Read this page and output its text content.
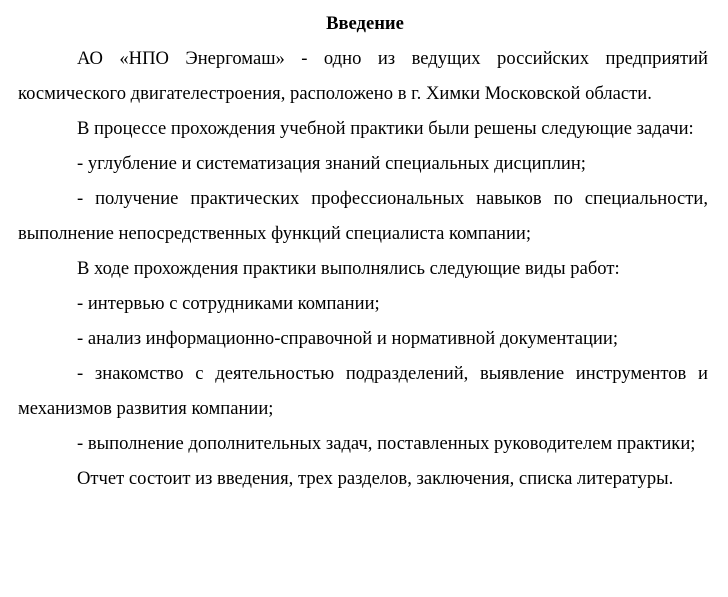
Введение

АО «НПО Энергомаш» - одно из ведущих российских предприятий космического двигателестроения, расположено в г. Химки Московской области.

В процессе прохождения учебной практики были решены следующие задачи:

- углубление и систематизация знаний специальных дисциплин;

- получение практических профессиональных навыков по специальности, выполнение непосредственных функций специалиста компании;

В ходе прохождения практики выполнялись следующие виды работ:

- интервью с сотрудниками компании;

- анализ информационно-справочной и нормативной документации;

- знакомство с деятельностью подразделений, выявление инструментов и механизмов развития компании;

- выполнение дополнительных задач, поставленных руководителем практики;

Отчет состоит из введения, трех разделов, заключения, списка литературы.
